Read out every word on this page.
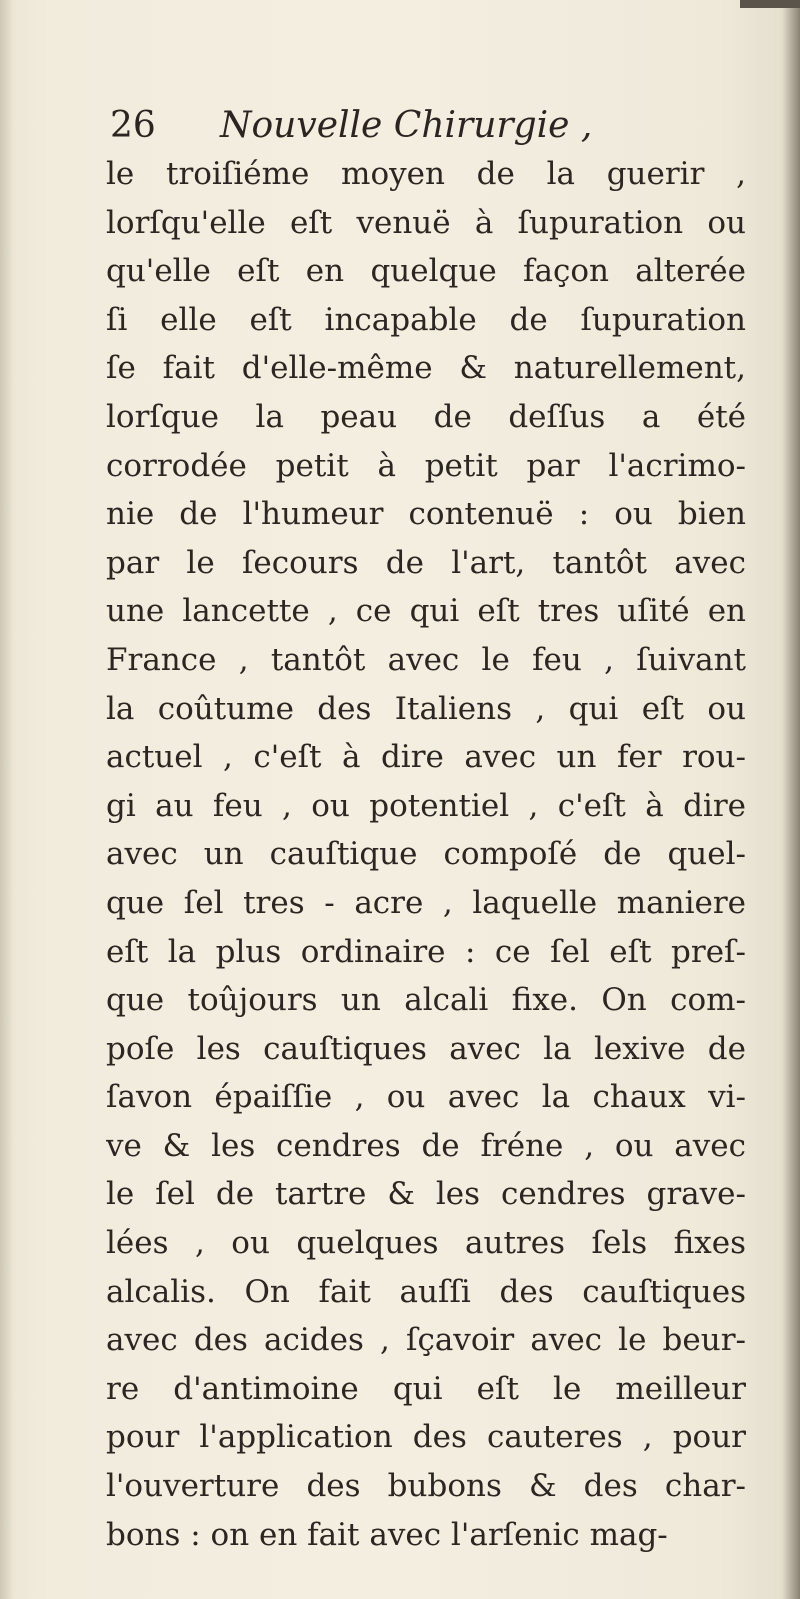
26 Nouvelle Chirurgie ,
le troiſiéme moyen de la guerir ,
lorſqu'elle eſt venuë à ſupuration ou
qu'elle eſt en quelque façon alterée
ſi elle eſt incapable de ſupuration
ſe fait d'elle-même & naturellement,
lorſque la peau de deſſus a été
corrodée petit à petit par l'acrimo-
nie de l'humeur contenuë : ou bien
par le ſecours de l'art, tantôt avec
une lancette , ce qui eſt tres uſité en
France , tantôt avec le feu , ſuivant
la coûtume des Italiens , qui eſt ou
actuel , c'eſt à dire avec un fer rou-
gi au feu , ou potentiel , c'eſt à dire
avec un cauſtique compoſé de quel-
que ſel tres - acre , laquelle maniere
eſt la plus ordinaire : ce ſel eſt preſ-
que toûjours un alcali fixe. On com-
poſe les cauſtiques avec la lexive de
ſavon épaiſſie , ou avec la chaux vi-
ve & les cendres de fréne , ou avec
le ſel de tartre & les cendres grave-
lées , ou quelques autres ſels fixes
alcalis. On fait auſſi des cauſtiques
avec des acides , ſçavoir avec le beur-
re d'antimoine qui eſt le meilleur
pour l'application des cauteres , pour
l'ouverture des bubons & des char-
bons : on en fait avec l'arſenic mag-
